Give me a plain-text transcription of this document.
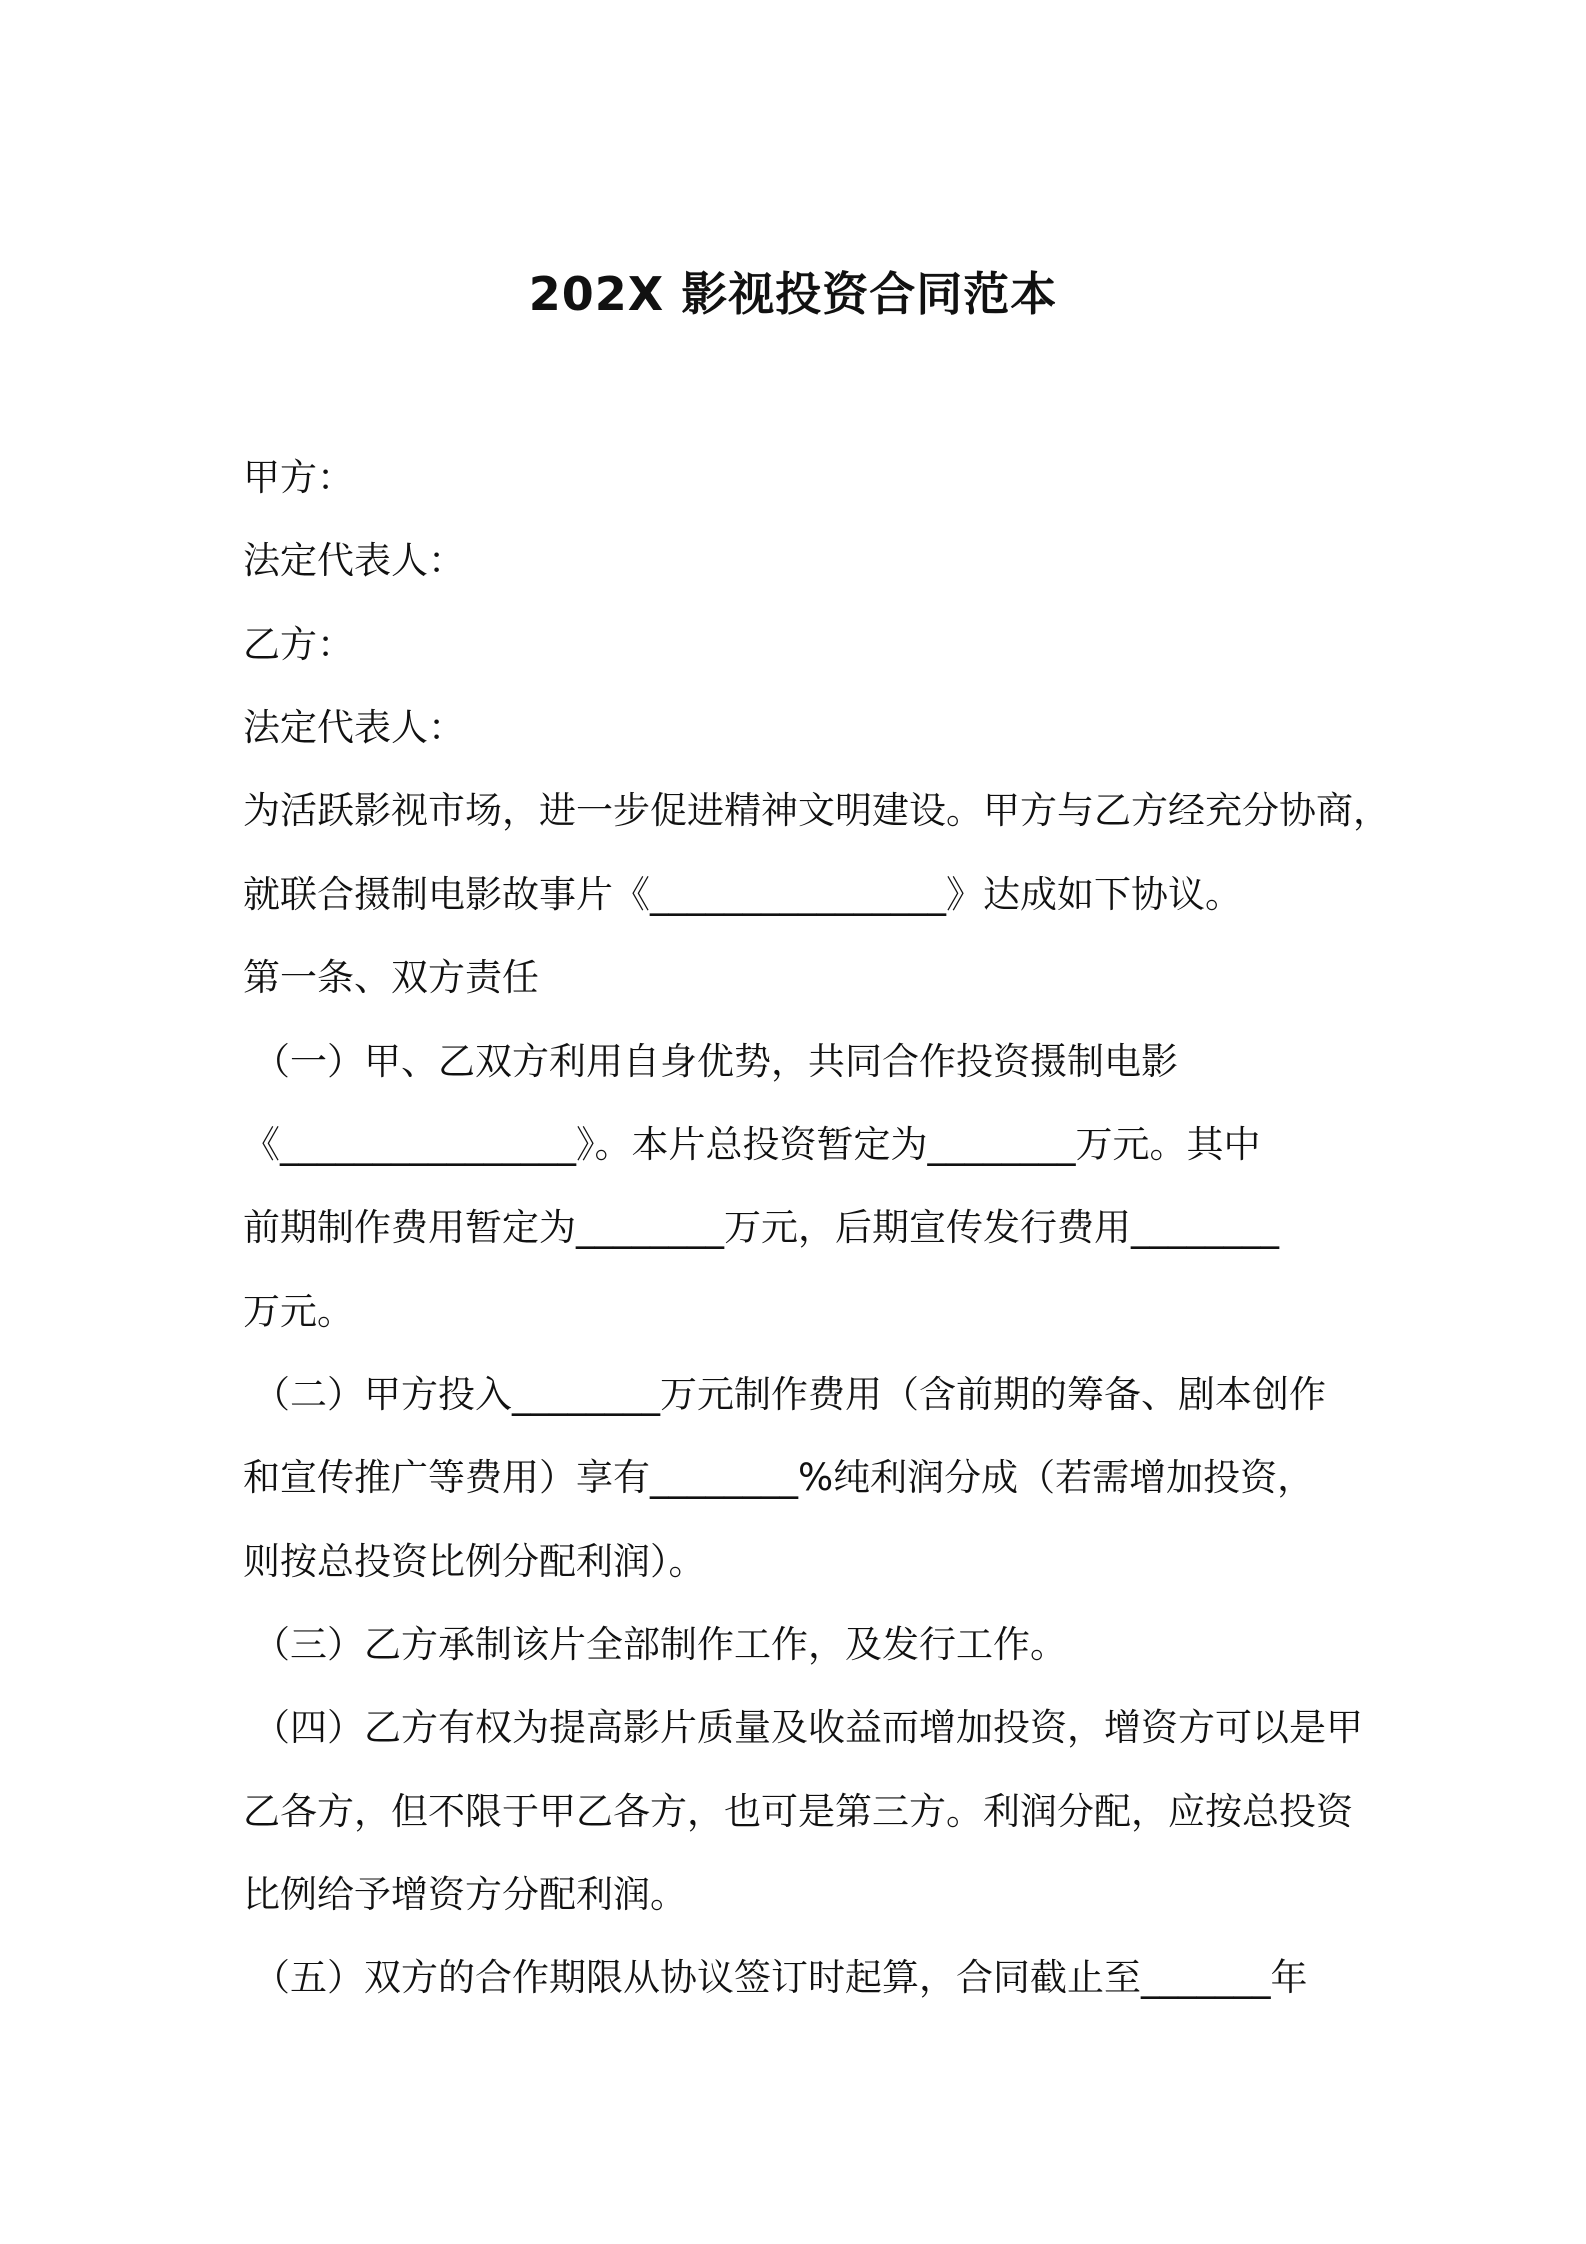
202X 影视投资合同范本

甲方：

法定代表人：

乙方：

法定代表人：

为活跃影视市场，进一步促进精神文明建设。甲方与乙方经充分协商，

就联合摄制电影故事片《________________》达成如下协议。

第一条、双方责任

（一）甲、乙双方利用自身优势，共同合作投资摄制电影

《________________》。本片总投资暂定为________万元。其中

前期制作费用暂定为________万元，后期宣传发行费用________

万元。

（二）甲方投入________万元制作费用（含前期的筹备、剧本创作

和宣传推广等费用）享有________%纯利润分成（若需增加投资，

则按总投资比例分配利润）。

（三）乙方承制该片全部制作工作，及发行工作。

（四）乙方有权为提高影片质量及收益而增加投资，增资方可以是甲

乙各方，但不限于甲乙各方，也可是第三方。利润分配，应按总投资

比例给予增资方分配利润。

（五）双方的合作期限从协议签订时起算，合同截止至_______年
